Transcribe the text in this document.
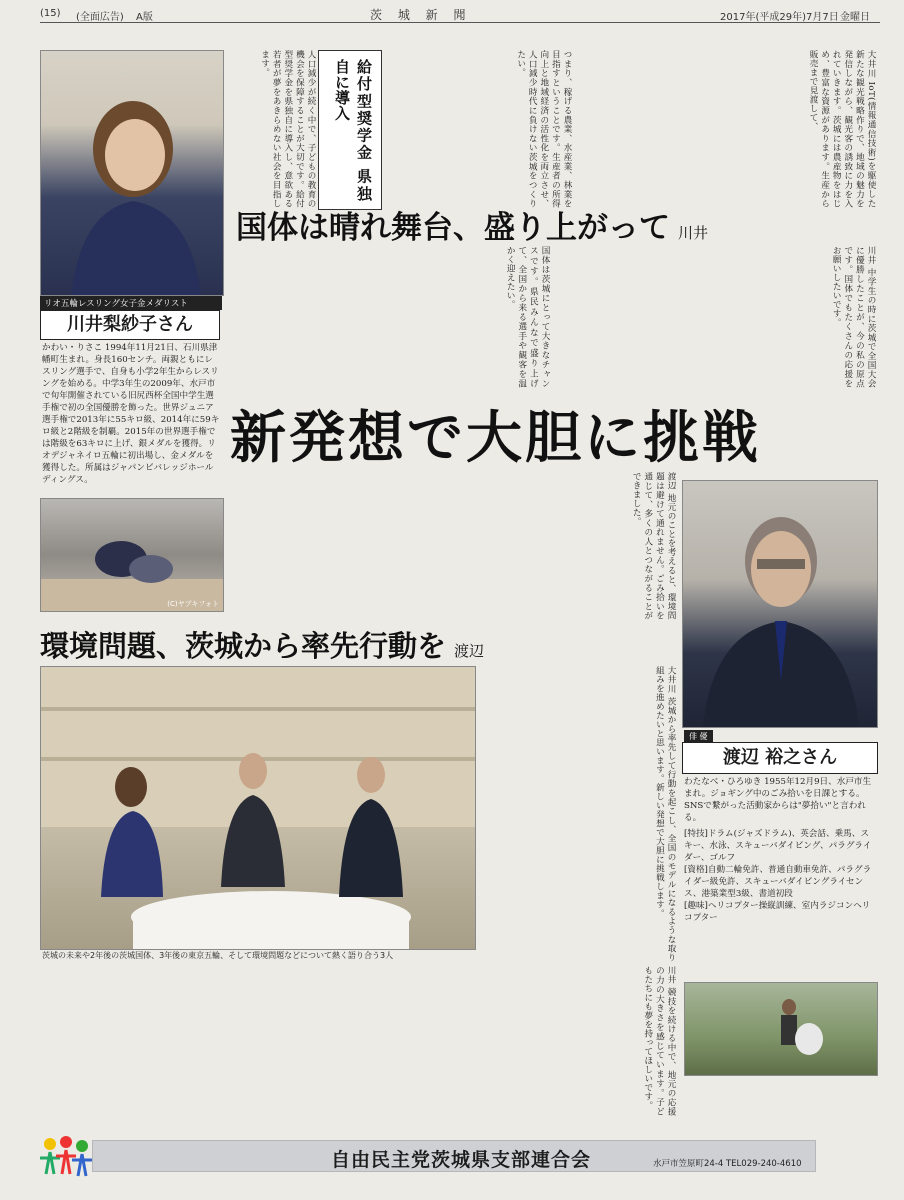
(15) (全面広告) A版	茨 城 新 聞	2017年(平成29年)7月7日 金曜日
リオ五輪レスリング女子金メダリスト
川井梨紗子さん
かわい・りさこ 1994年11月21日、石川県津幡町生まれ。身長160センチ。両親ともにレスリング選手で、自身も小学2年生からレスリングを始める。中学3年生の2009年、水戸市で旬年開催されている旧尻西杯全国中学生選手権で初の全国優勝を飾った。世界ジュニア選手権で2013年に55キロ級、2014年に59キロ級と2階級を制覇。2015年の世界選手権では階級を63キロに上げ、銀メダルを獲得。リオデジャネイロ五輪に初出場し、金メダルを獲得した。所属はジャパンビバレッジホールディングス。
(C)ヤブキフォト
人口減少が続く中で、子どもの教育の機会を保障することが大切です。給付型奨学金を県独自に導入し、意欲ある若者が夢をあきらめない社会を目指します。	給付型奨学金 県独自に導入	つまり、稼げる農業、水産業、林業を目指すということです。生産者の所得向上と地域経済の活性化を両立させ、人口減少時代に負けない茨城をつくりたい。	大井川 IoT(情報通信技術)を駆使した新たな観光戦略作りで、地域の魅力を発信しながら、観光客の誘致に力を入れていきます。茨城には農産物をはじめ、豊富な資源があります。生産から販売まで見渡して、
国体は晴れ舞台、盛り上がって 川井
国体は茨城にとって大きなチャンスです。県民みんなで盛り上げて、全国から来る選手や観客を温かく迎えたい。	川井 中学生の時に茨城で全国大会に優勝したことが、今の私の原点です。国体でもたくさんの応援をお願いしたいです。
新発想で大胆に挑戦
渡辺 地元のことを考えると、環境問題は避けて通れません。ごみ拾いを通じて、多くの人とつながることができました。
俳 優
渡辺 裕之さん
わたなべ・ひろゆき 1955年12月9日、水戸市生まれ。ジョギング中のごみ拾いを日課とする。SNSで繋がった活動家からは"夢拾い"と言われる。
[特技]ドラム(ジャズドラム)、英会話、乗馬、スキー、水泳、スキューバダイビング、パラグライダー、ゴルフ
[資格]自動二輪免許、普通自動車免許、パラグライダー級免許、スキューバダイビングライセンス、港築業型3級、書道初段
[趣味]ヘリコプター操縦訓練、室内ラジコンヘリコプター
環境問題、茨城から率先行動を 渡辺
茨城の未来や2年後の茨城国体、3年後の東京五輪、そして環境問題などについて熱く語り合う3人	大井川 茨城から率先して行動を起こし、全国のモデルになるような取り組みを進めたいと思います。新しい発想で大胆に挑戦します。
川井 競技を続ける中で、地元の応援の力の大きさを感じています。子どもたちにも夢を持ってほしいです。
自由民主党茨城県支部連合会	水戸市笠原町24-4 TEL029-240-4610
